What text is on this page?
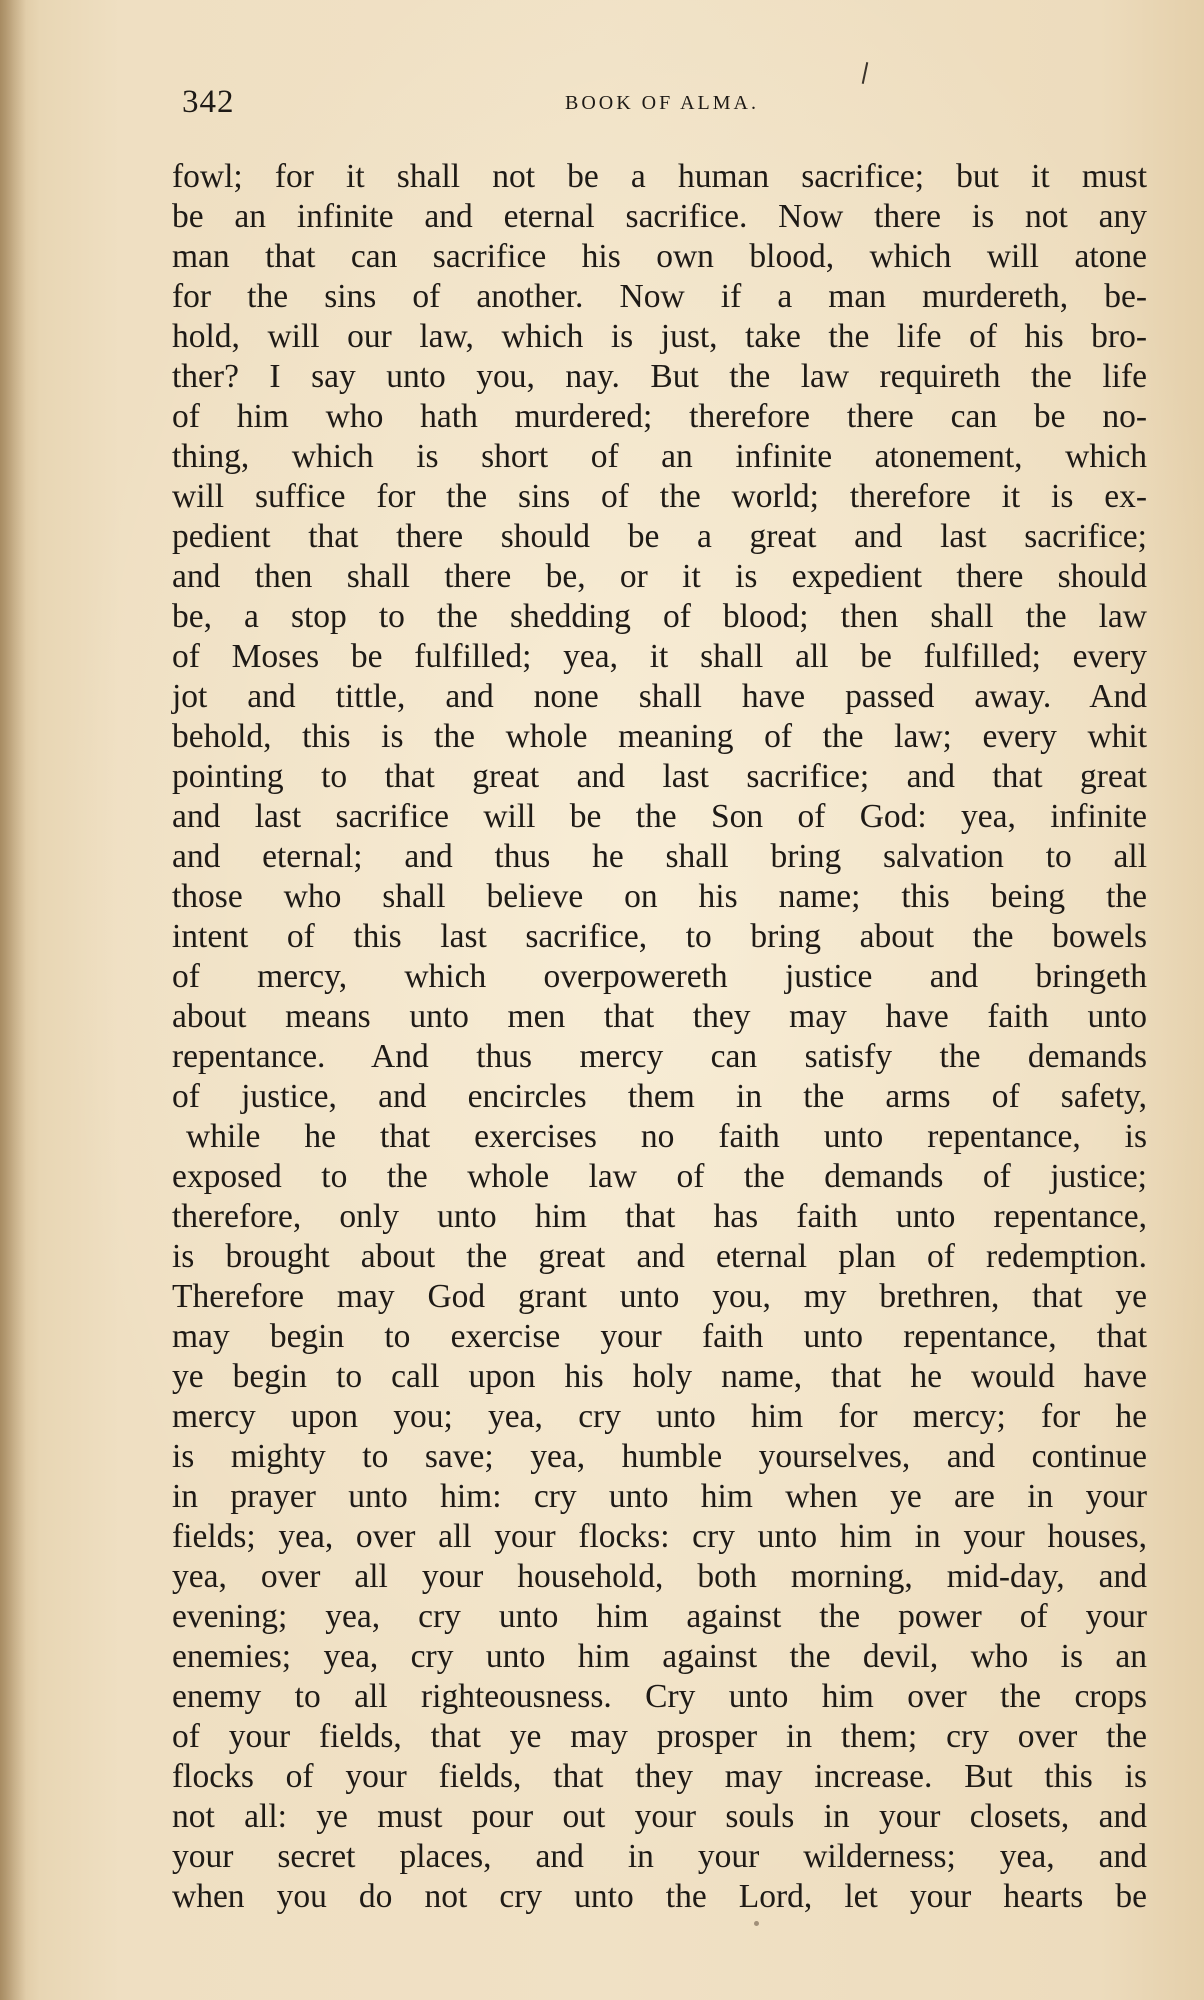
342	BOOK OF ALMA.
fowl; for it shall not be a human sacrifice; but it must
be an infinite and eternal sacrifice. Now there is not any
man that can sacrifice his own blood, which will atone
for the sins of another. Now if a man murdereth, be-
hold, will our law, which is just, take the life of his bro-
ther? I say unto you, nay. But the law requireth the life
of him who hath murdered; therefore there can be no-
thing, which is short of an infinite atonement, which
will suffice for the sins of the world; therefore it is ex-
pedient that there should be a great and last sacrifice;
and then shall there be, or it is expedient there should
be, a stop to the shedding of blood; then shall the law
of Moses be fulfilled; yea, it shall all be fulfilled; every
jot and tittle, and none shall have passed away. And
behold, this is the whole meaning of the law; every whit
pointing to that great and last sacrifice; and that great
and last sacrifice will be the Son of God: yea, infinite
and eternal; and thus he shall bring salvation to all
those who shall believe on his name; this being the
intent of this last sacrifice, to bring about the bowels
of mercy, which overpowereth justice and bringeth
about means unto men that they may have faith unto
repentance. And thus mercy can satisfy the demands
of justice, and encircles them in the arms of safety,
while he that exercises no faith unto repentance, is
exposed to the whole law of the demands of justice;
therefore, only unto him that has faith unto repentance,
is brought about the great and eternal plan of redemption.
Therefore may God grant unto you, my brethren, that ye
may begin to exercise your faith unto repentance, that
ye begin to call upon his holy name, that he would have
mercy upon you; yea, cry unto him for mercy; for he
is mighty to save; yea, humble yourselves, and continue
in prayer unto him: cry unto him when ye are in your
fields; yea, over all your flocks: cry unto him in your houses,
yea, over all your household, both morning, mid-day, and
evening; yea, cry unto him against the power of your
enemies; yea, cry unto him against the devil, who is an
enemy to all righteousness. Cry unto him over the crops
of your fields, that ye may prosper in them; cry over the
flocks of your fields, that they may increase. But this is
not all: ye must pour out your souls in your closets, and
your secret places, and in your wilderness; yea, and
when you do not cry unto the Lord, let your hearts be
